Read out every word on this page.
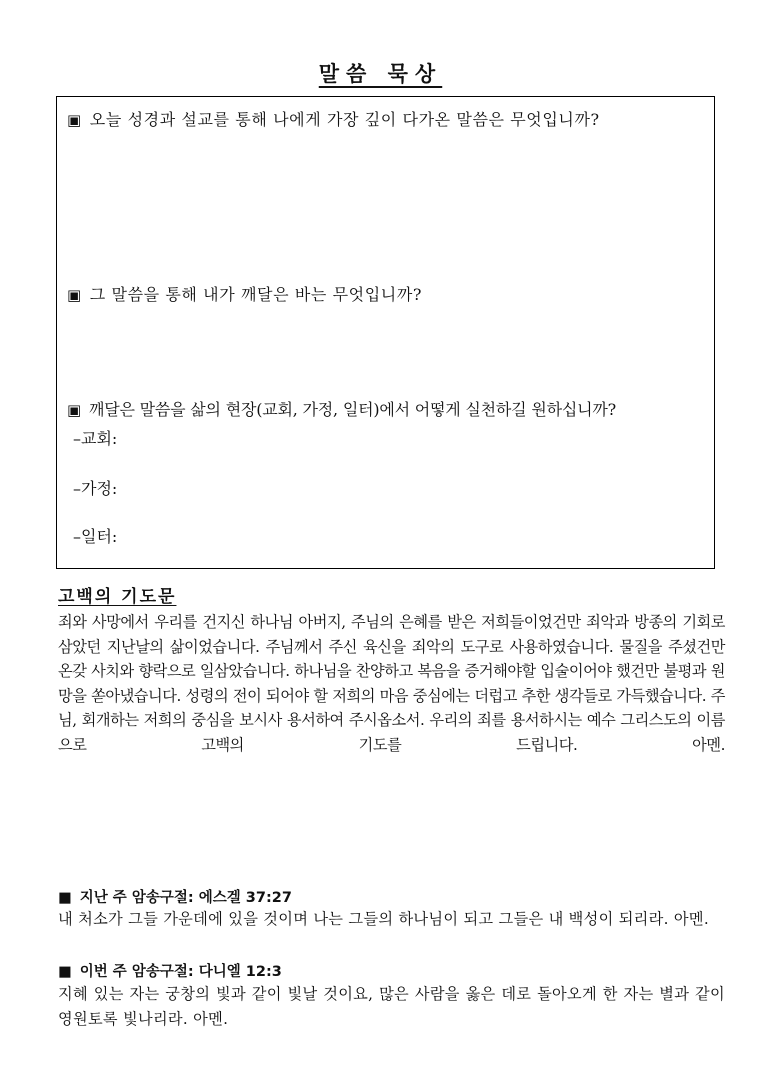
말씀 묵상
▣ 오늘 성경과 설교를 통해 나에게 가장 깊이 다가온 말씀은 무엇입니까?
▣ 그 말씀을 통해 내가 깨달은 바는 무엇입니까?
▣ 깨달은 말씀을 삶의 현장(교회, 가정, 일터)에서 어떻게 실천하길 원하십니까?
–교회:
–가정:
–일터:
고백의 기도문
죄와 사망에서 우리를 건지신 하나님 아버지, 주님의 은혜를 받은 저희들이었건만 죄악과 방종의 기회로 삼았던 지난날의 삶이었습니다. 주님께서 주신 육신을 죄악의 도구로 사용하였습니다. 물질을 주셨건만 온갖 사치와 향락으로 일삼았습니다. 하나님을 찬양하고 복음을 증거해야할 입술이어야 했건만 불평과 원망을 쏟아냈습니다. 성령의 전이 되어야 할 저희의 마음 중심에는 더럽고 추한 생각들로 가득했습니다. 주님, 회개하는 저희의 중심을 보시사 용서하여 주시옵소서. 우리의 죄를 용서하시는 예수 그리스도의 이름으로 고백의 기도를 드립니다. 아멘.
■ 지난 주 암송구절: 에스겔 37:27
내 처소가 그들 가운데에 있을 것이며 나는 그들의 하나님이 되고 그들은 내 백성이 되리라. 아멘.
■ 이번 주 암송구절: 다니엘 12:3
지혜 있는 자는 궁창의 빛과 같이 빛날 것이요, 많은 사람을 옳은 데로 돌아오게 한 자는 별과 같이 영원토록 빛나리라. 아멘.
